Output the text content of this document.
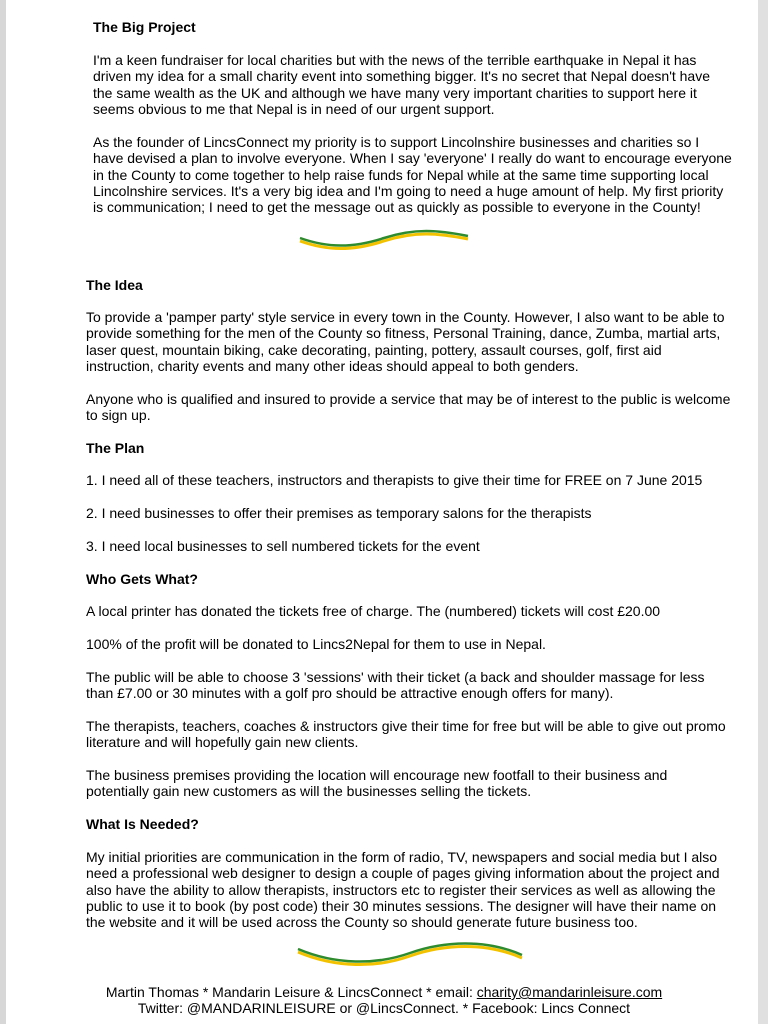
The Big Project

I'm a keen fundraiser for local charities but with the news of the terrible earthquake in Nepal it has driven my idea for a small charity event into something bigger. It's no secret that Nepal doesn't have the same wealth as the UK and although we have many very important charities to support here it seems obvious to me that Nepal is in need of our urgent support.

As the founder of LincsConnect my priority is to support Lincolnshire businesses and charities so I have devised a plan to involve everyone. When I say 'everyone' I really do want to encourage everyone in the County to come together to help raise funds for Nepal while at the same time supporting local Lincolnshire services. It's a very big idea and I'm going to need a huge amount of help. My first priority is communication; I need to get the message out as quickly as possible to everyone in the County!

The Idea

To provide a 'pamper party' style service in every town in the County. However, I also want to be able to provide something for the men of the County so fitness, Personal Training, dance, Zumba, martial arts, laser quest, mountain biking, cake decorating, painting, pottery, assault courses, golf, first aid instruction, charity events and many other ideas should appeal to both genders.

Anyone who is qualified and insured to provide a service that may be of interest to the public is welcome to sign up.

The Plan

1. I need all of these teachers, instructors and therapists to give their time for FREE on 7 June 2015

2. I need businesses to offer their premises as temporary salons for the therapists

3. I need local businesses to sell numbered tickets for the event

Who Gets What?

A local printer has donated the tickets free of charge. The (numbered) tickets will cost £20.00

100% of the profit will be donated to Lincs2Nepal for them to use in Nepal.

The public will be able to choose 3 'sessions' with their ticket (a back and shoulder massage for less than £7.00 or 30 minutes with a golf pro should be attractive enough offers for many).

The therapists, teachers, coaches & instructors give their time for free but will be able to give out promo literature and will hopefully gain new clients.

The business premises providing the location will encourage new footfall to their business and potentially gain new customers as will the businesses selling the tickets.

What Is Needed?

My initial priorities are communication in the form of radio, TV, newspapers and social media but I also need a professional web designer to design a couple of pages giving information about the project and also have the ability to allow therapists, instructors etc to register their services as well as allowing the public to use it to book (by post code) their 30 minutes sessions. The designer will have their name on the website and it will be used across the County so should generate future business too.

Martin Thomas * Mandarin Leisure & LincsConnect * email: charity@mandarinleisure.com
Twitter: @MANDARINLEISURE or @LincsConnect. * Facebook: Lincs Connect
